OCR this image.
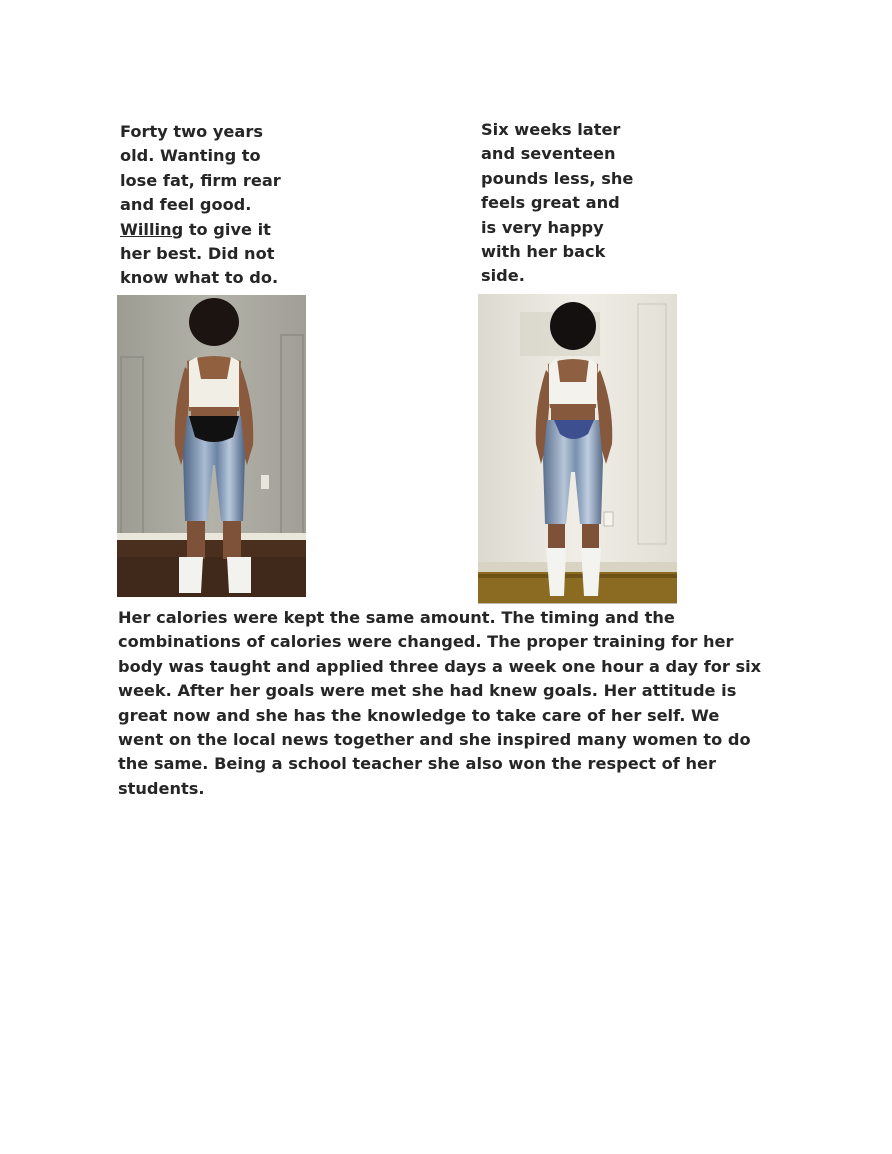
Forty two years
old. Wanting to
lose fat, firm rear
and feel good.
Willing to give it
her best. Did not
know what to do.
Six weeks later
and seventeen
pounds less, she
feels great and
is very happy
with her back
side.

Her calories were kept the same amount. The timing and the
combinations of calories were changed. The proper training for her
body was taught and applied three days a week one hour a day for six
week. After her goals were met she had knew goals. Her attitude is
great now and she has the knowledge to take care of her self. We
went on the local news together and she inspired many women to do
the same. Being a school teacher she also won the respect of her
students.
